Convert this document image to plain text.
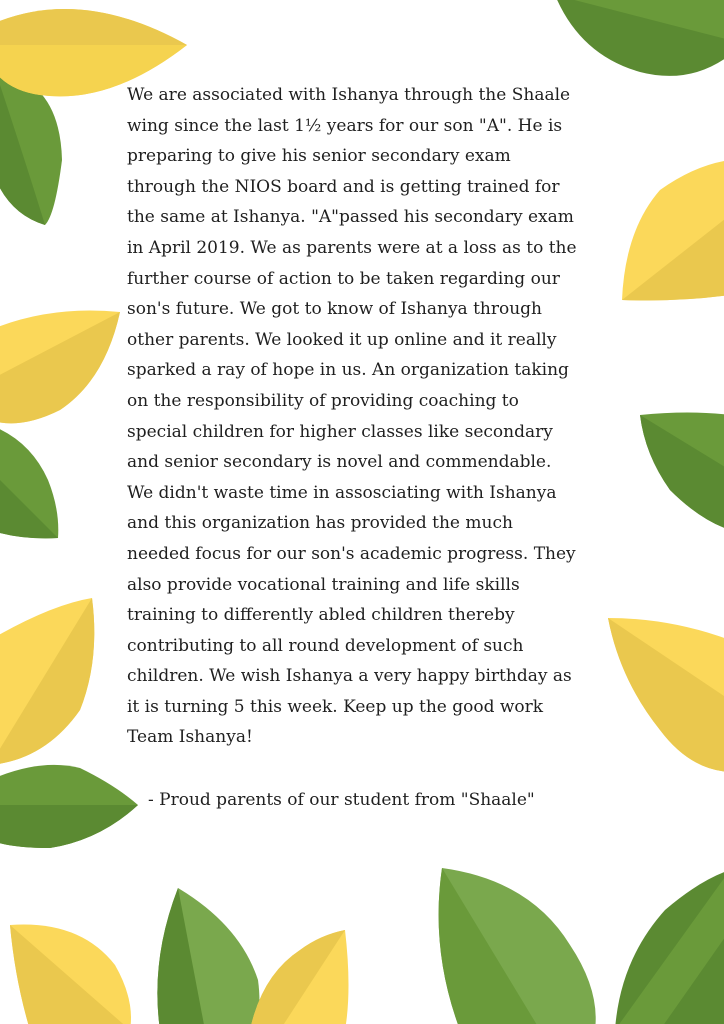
We are associated with Ishanya through the Shaale
wing since the last 1½ years for our son "A". He is
preparing to give his senior secondary exam
through the NIOS board and is getting trained for
the same at Ishanya. "A"passed his secondary exam
in April 2019. We as parents were at a loss as to the
further course of action to be taken regarding our
son's future. We got to know of Ishanya through
other parents. We looked it up online and it really
sparked a ray of hope in us. An organization taking
on the responsibility of providing coaching to
special children for higher classes like secondary
and senior secondary is novel and commendable.
We didn't waste time in assosciating with Ishanya
and this organization has provided the much
needed focus for our son's academic progress. They
also provide vocational training and life skills
training to differently abled children thereby
contributing to all round development of such
children. We wish Ishanya a very happy birthday as
it is turning 5 this week. Keep up the good work
Team Ishanya!
- Proud parents of our student from "Shaale"
